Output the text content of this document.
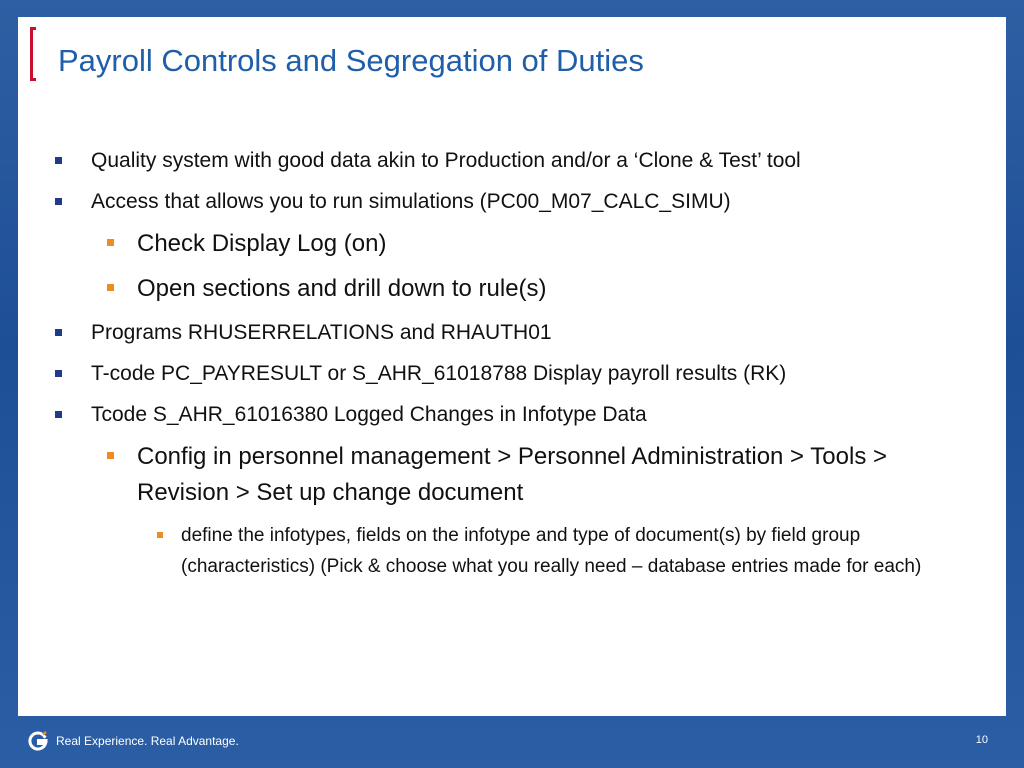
Payroll Controls and Segregation of Duties
Quality system with good data akin to Production and/or a ‘Clone & Test’ tool
Access that allows you to run simulations (PC00_M07_CALC_SIMU)
Check Display Log (on)
Open sections and drill down to rule(s)
Programs RHUSERRELATIONS and RHAUTH01
T-code PC_PAYRESULT or S_AHR_61018788 Display payroll results (RK)
Tcode S_AHR_61016380 Logged Changes in Infotype Data
Config in personnel management > Personnel Administration > Tools > Revision > Set up change document
define the infotypes, fields on the infotype and type of document(s) by field group (characteristics) (Pick & choose what you really need – database entries made for each)
Real Experience. Real Advantage.	10
